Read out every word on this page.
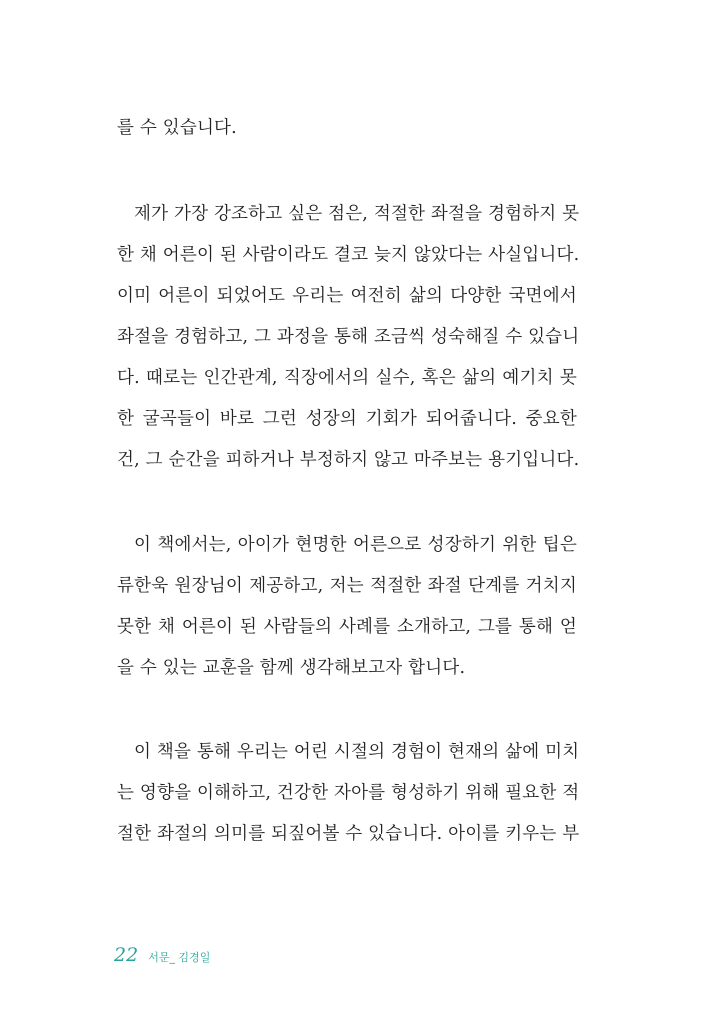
를 수 있습니다.
제가 가장 강조하고 싶은 점은, 적절한 좌절을 경험하지 못
한 채 어른이 된 사람이라도 결코 늦지 않았다는 사실입니다.
이미 어른이 되었어도 우리는 여전히 삶의 다양한 국면에서
좌절을 경험하고, 그 과정을 통해 조금씩 성숙해질 수 있습니
다. 때로는 인간관계, 직장에서의 실수, 혹은 삶의 예기치 못
한 굴곡들이 바로 그런 성장의 기회가 되어줍니다. 중요한
건, 그 순간을 피하거나 부정하지 않고 마주보는 용기입니다.
이 책에서는, 아이가 현명한 어른으로 성장하기 위한 팁은
류한욱 원장님이 제공하고, 저는 적절한 좌절 단계를 거치지
못한 채 어른이 된 사람들의 사례를 소개하고, 그를 통해 얻
을 수 있는 교훈을 함께 생각해보고자 합니다.
이 책을 통해 우리는 어린 시절의 경험이 현재의 삶에 미치
는 영향을 이해하고, 건강한 자아를 형성하기 위해 필요한 적
절한 좌절의 의미를 되짚어볼 수 있습니다. 아이를 키우는 부
22 서문_ 김경일
